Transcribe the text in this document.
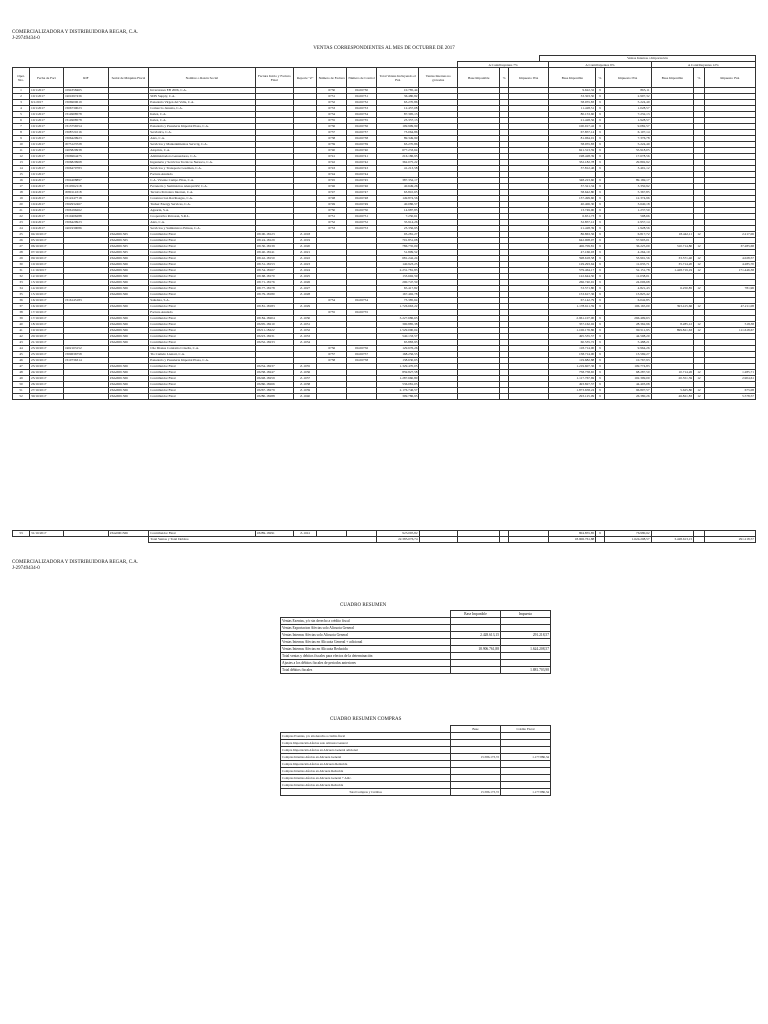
COMERCIALIZADORA Y DISTRIBUIDORA REGAR, C.A.
J-29749434-0
VENTAS CORRESPONDIENTES AL MES DE OCTUBRE DE 2017
Ventas Internas o Importación
											A Contribuyentes 7%			A Contribuyentes 9%			A Contribuyentes 12%		
Oper. Nro.	Fecha de Fact	RIF	Serial de Máquina Fiscal	Nombre o Razón Social	Factura Inicio y Factura Final	Reporte "Z"	Número de Factura	Número de Control	Total Ventas Incluyendo el IVA	Ventas Internas no gravadas	Base Imponible	%	Impuesto IVA	Base Imponible	%	Impuesto IVA	Base Imponible	%	Impuesto IVA
1	10/1/2017	J294358465		Inversiones EB 2006, C.A.			6730	00-06730	10.785,44					9.622,32	9	865,11			
2	10/1/2017	J401697436		SDN Supply, C.A.			6731	00-06731	36.480,82					33.303,50	9	2.997,32			
3	6/1/2017	J306900619		Panaderia Virgen del Valle, C.A.			6732	00-06732	63.270,86					58.055,83	9	5.224,49			
4	10/1/2017	J306730023		Comercio Jenuzia, C.A.			6733	00-06733	12.457,08					11.428,51	9	1.028,57			
5	10/1/2017	J314908578		Kalex, C.A.			6734	00-06734	87.395,13					80.153,60	9	7.232,13			
6	10/1/2017	J314908578		Kalex, C.A.			6735	00-06735	23.357,13					21.428,56	9	1.928,57			
7	10/1/2017	J313756554		Panaderia y Pasteleria Imperial Plaza, C.A.			6736	00-06736	109.999,99					100.917,42	9	9.082,57			
8	10/1/2017	J308721016		Servisilca, C.A.			6737	00-06737	73.064,86					67.857,14	9	6.107,14			
9	10/1/2017	J306429923		Alex, C.A.			6738	00-06738	89.349,99					81.964,01	9	7.376,78			
10	10/1/2017	J073123728		Servicios y Mantenimientos Servcig, C.A.			6739	00-06739	63.270,86					58.055,83	9	5.224,49			
11	10/1/2017	J403820938		Alopticu, C.A.			6740	00-06740	677.233,64					621.313,59	9	55.918,05			
12	10/1/2017	J306964475		Administradora Genuadores, C.A.			6741	00-06741	216.186,95					198.428,39	9	17.678,56			
13	10/1/2017	J306829968		Ingenieria y Servicios Tecnicos Nerusca, C.A.			6742	00-06742	362.075,22					332.182,78	9	29.892,92			
14	10/1/2017	J306470783		Servicios y Transporte Gasiman, C.A.			6743	00-06743	41.213,58					37.812,46	9	3.401,12			
15	10/1/2017			Factura Anulada			6744	00-06744											
16	10/4/2017	J304408897		C.A. Vicente Campo Elias, C.A.			6745	00-06745	387.352,17					348.223,60	9	89.169,17			
17	10/4/2017	J310562118		Ferreteria y Suministros Alenqui RV, C.A.			6746	00-06746	40.649,26					37.321,34	9	3.350,92			
18	10/4/2017	J080114318		Tecnica Petrolera Internet, C.A.			6747	00-06747	63.810,65					58.642,80	9	5.367,85			
19	10/4/2017	J312247718		Construccion Ravihaagas, C.A.			6748	00-06748	149.874,56					137.499,60	9	12.374,96			
20	10/4/2017	J302932467		Tucker Energy Services, C.A.			6749	00-06749	40.086,57					40.406,30	9	3.640,18			
21	10/4/2017	J306196262		Aguarin, S.A.			6750	00-06750	14.987,85					13.749,90	9	1.237,50			
22	10/4/2017	J310406288		Cooperativa Petrosan, S.R.L.			6751	00-06751	7.250,61					6.651,73	9	598,66			
23	10/4/2017	J306429923		Alex, C.A.			6752	00-06752	35.914,26					32.857,12	9	2.957,14			
24	10/4/2017	J401939086		Servicios y Suministros Emsau, C.A.			6753	00-06753	23.356,95					21.428,39	9	1.928,56			
25	04/10/2017		Z6A0001565	Contribuidor Final	18100-18123	Z-1018			93.281,27					86.863,56	9	6.817,72	18.442,11	12	2.217,06
26	05/10/2017		Z6A0001565	Contribuidor Final	18124-18129	Z-1019			701.851,08					642.908,07	9	57.903,01			
27	06/10/2017		Z6A0001565	Contribuidor Final	18130-18139	Z-1020			786.735,09					406.709,81	9	36.225,09	310.714,80	12	37.285,68
28	07/10/2017		Z6A0001565	Contribuidor Final	18140-18141	Z-1021			51.809,52					47.166,03	9	4.264,19			
29	09/10/2017		Z6A0001566	Contribuidor Final	18142-18150	Z-1022			681.242,24					598.618,58	9	53.991,56	33.571,40	12	4.028,57
30	10/10/2017		Z6A0001566	Contribuidor Final	18151-18153	Z-1023			140.923,25					129.293,64	9	11.635,71	35.714,20	12	4.285,70
31	11/10/2017		Z6A0001566	Contribuidor Final	18154-18167	Z-1024			2.231.781,83					579.464,17	9	52.151,78	1.428.719,19	12	171.446,38
32	12/10/2017		Z6A0001566	Contribuidor Final	18168-18170	Z-1025			133.692,59					122.644,50	9	11.038,01			
33	13/10/2017		Z6A0001566	Contribuidor Final	18171-18176	Z-1026			290.747,59					266.740,91	9	24.006,68			
34	14/10/2017		Z6A0001566	Contribuidor Final	18177-18178	Z-1027			65.417,82					53.571,80	9	4.821,43	6.250,85	12	781,96
35	15/10/2017		Z6A0001566	Contribuidor Final	18179-18180	Z-1028			167.492,78					153.617,36	9	13.825,42			
36	16/10/2017	J316145183		Saludata, S.A.			6754	00-06754	73.385,64					67.142,79	9	6.042,85			
37	16/10/2017		Z6A0001566	Contribuidor Final	18181-18183	Z-1029			1.726.663,22					1.178.611,59	9	106.165,00	393.415,66	12	47.211,08
38	17/10/2017			Factura Anulada			6755	00-06755											
39	17/10/2017		Z6A0001566	Contribuidor Final	18184-18204	Z-1030			3.227.686,63					2.961.107,00	9	266.499,63			
40	18/10/2017		Z6A0001566	Contribuidor Final	18205-18210	Z-1031			390.885,38					357.162,92	9	28.362,96	8.285,12	12	518,38
41	19/10/2017		Z6A0001566	Contribuidor Final	18211-18222	Z-1032			1.529.090,04					1.106.176,86	9	99.511,95	899.821,63	12	111.618,67
42	20/10/2017		Z6A0001566	Contribuidor Final	18223-18231	Z-1033			540.133,57					495.535,57	9	44.598,20			
43	21/10/2017		Z6A0001566	Contribuidor Final	18232-18233	Z-1034			65.883,93					60.535,72	9	5.488,21			
44	23/10/2017	J402103152		Clie Dianas Contratia Crisella, C.A.			6756	00-06756	129.676,26					118.714,00	9	9.964,26			
45	23/10/2017	J309636758		Tio Camelo Lienart, C.A.			6757	00-06757	168.256,55					158.714,00	9	13.569,27			
46	23/10/2017	J310736314		Panaderia y Pasteleria Imperial Plaza, C.A.			6758	00-06758	138.630,65					119.682,88	9	10.767,93			
47	23/10/2017		Z6A0001566	Contribuidor Final	18234-18237	Z-1035			1.329.470,05					1.219.607,36	9	109.774,83			
48	24/10/2017		Z6A0001566	Contribuidor Final	18238-18247	Z-1036			859.827,58					758.758,65	9	68.287,50	10.714,26	12	1.285,71
49	25/10/2017		Z6A0001566	Contribuidor Final	18248-18259	Z-1037			1.287.660,80					1.117.767,69	9	102.399,09	20.551,59	12	2.904,61
50	26/10/2017		Z6A0001566	Contribuidor Final	18260-18266	Z-1038			536.081,05					493.827,57	9	44.403,08			
51	27/10/2017		Z6A0001566	Contribuidor Final	18267-18279	Z-1039			2.176.746,57					1.873.658,24	9	96.807,57	5.625,80	12	675,08
52	30/10/2017		Z6A0001566	Contribuidor Final	18280-18288	Z-1040			309.786,95					293.125,09	9	26.380,26	46.821,83	12	5.578,57
53	31/10/2017		Z6A0001566	Contribuidor Final	18289-18291	Z-1041			923.095,82					804.855,85	9	76.980,62			
				Total Ventas y Total Debitos					22.385.076,74					18.906.761,88		1.624.208,57	3.428.613,15		291.218,57
COMERCIALIZADORA Y DISTRIBUIDORA REGAR, C.A.
J-29749434-0
CUADRO RESUMEN
	Base Imponible	Impuesto
Ventas Exentas, y/o sin derecho a crédito fiscal		
Ventas Exportacion Afectas solo Alicuota General		
Ventas Internas Afectas solo Alicuota General	2.428.613,15	291.218,57
Ventas Internas Afectas en Alicuota General + adicional		
Ventas Internas Afectas en Alicuota Reducida	18.906.761,88	1.624.208,57
Total ventas y debitos fiscales para efectos de la determinación		
Ajustes a los débitos fiscales de periodos anteriores		
Total débitos fiscales		1.881.703,98
CUADRO RESUMEN COMPRAS
	Base	Crédito Fiscal
Compras Exentas, y/o sin derecho a crédito fiscal		
Compra Importación Afectas solo Alicuota General		
Compra Importación Afectas en Alicuota General adicional		
Compras Internas Afectas en Alicuota General	15.586.173,72	1.177.886,34
Compra Importación Afectas en Alicuota Reducida		
Compras Internas Afectas en Alicuota Reducida		
Compras Internas Afectas en Alicuota General + Adic.		
Compras Internas Afectas en Alicuota Reducida		
Total Compras y Créditos	15.586.173,72	1.177.886,34
